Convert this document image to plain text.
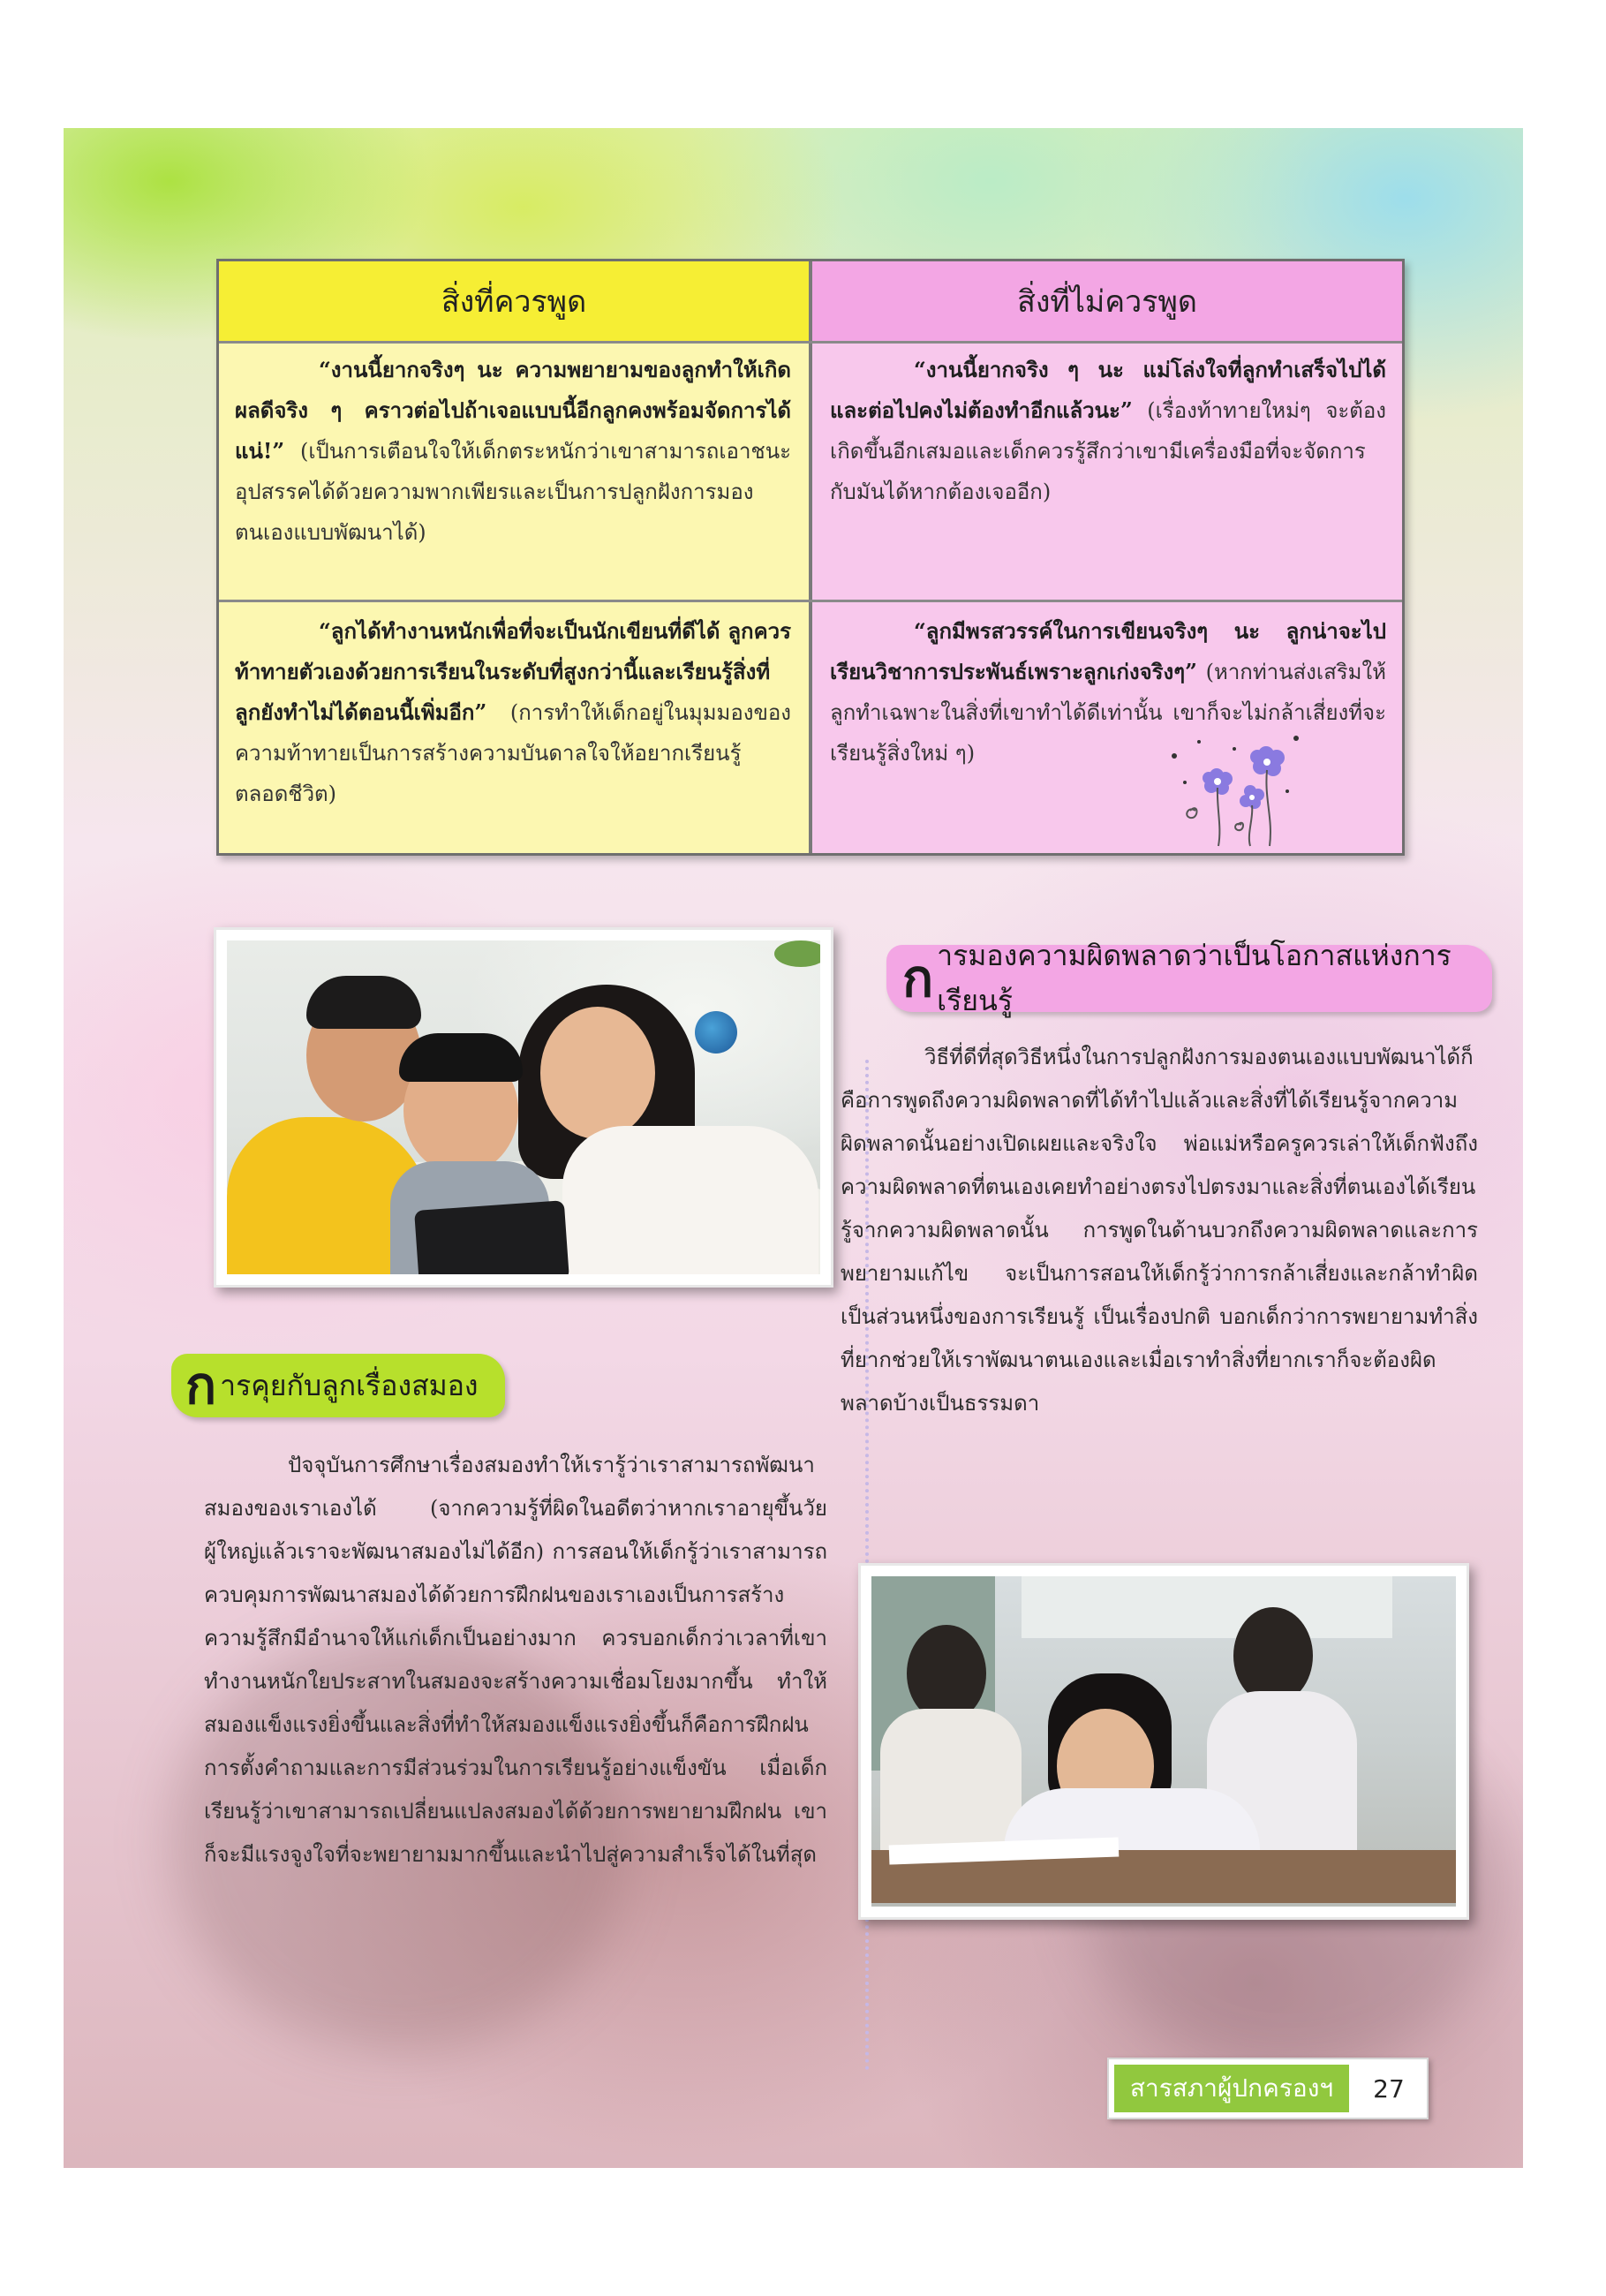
สิ่งที่ควรพูด	สิ่งที่ไม่ควรพูด
“งานนี้ยากจริงๆ นะ ความพยายามของลูกทำให้เกิดผลดีจริง ๆ คราวต่อไปถ้าเจอแบบนี้อีกลูกคงพร้อมจัดการได้แน่!” (เป็นการเตือนใจให้เด็กตระหนักว่าเขาสามารถเอาชนะอุปสรรคได้ด้วยความพากเพียรและเป็นการปลูกฝังการมองตนเองแบบพัฒนาได้)
“งานนี้ยากจริง ๆ นะ แม่โล่งใจที่ลูกทำเสร็จไปได้และต่อไปคงไม่ต้องทำอีกแล้วนะ” (เรื่องท้าทายใหม่ๆ จะต้องเกิดขึ้นอีกเสมอและเด็กควรรู้สึกว่าเขามีเครื่องมือที่จะจัดการกับมันได้หากต้องเจออีก)
“ลูกได้ทำงานหนักเพื่อที่จะเป็นนักเขียนที่ดีได้ ลูกควรท้าทายตัวเองด้วยการเรียนในระดับที่สูงกว่านี้และเรียนรู้สิ่งที่ลูกยังทำไม่ได้ตอนนี้เพิ่มอีก” (การทำให้เด็กอยู่ในมุมมองของความท้าทายเป็นการสร้างความบันดาลใจให้อยากเรียนรู้ตลอดชีวิต)
“ลูกมีพรสวรรค์ในการเขียนจริงๆ นะ ลูกน่าจะไปเรียนวิชาการประพันธ์เพราะลูกเก่งจริงๆ” (หากท่านส่งเสริมให้ลูกทำเฉพาะในสิ่งที่เขาทำได้ดีเท่านั้น เขาก็จะไม่กล้าเสี่ยงที่จะเรียนรู้สิ่งใหม่ ๆ)
ก ารมองความผิดพลาดว่าเป็นโอกาสแห่งการเรียนรู้
วิธีที่ดีที่สุดวิธีหนึ่งในการปลูกฝังการมองตนเองแบบพัฒนาได้ก็คือการพูดถึงความผิดพลาดที่ได้ทำไปแล้วและสิ่งที่ได้เรียนรู้จากความผิดพลาดนั้นอย่างเปิดเผยและจริงใจ พ่อแม่หรือครูควรเล่าให้เด็กฟังถึงความผิดพลาดที่ตนเองเคยทำอย่างตรงไปตรงมาและสิ่งที่ตนเองได้เรียนรู้จากความผิดพลาดนั้น การพูดในด้านบวกถึงความผิดพลาดและการพยายามแก้ไข จะเป็นการสอนให้เด็กรู้ว่าการกล้าเสี่ยงและกล้าทำผิดเป็นส่วนหนึ่งของการเรียนรู้ เป็นเรื่องปกติ บอกเด็กว่าการพยายามทำสิ่งที่ยากช่วยให้เราพัฒนาตนเองและเมื่อเราทำสิ่งที่ยากเราก็จะต้องผิดพลาดบ้างเป็นธรรมดา
ก ารคุยกับลูกเรื่องสมอง
ปัจจุบันการศึกษาเรื่องสมองทำให้เรารู้ว่าเราสามารถพัฒนาสมองของเราเองได้ (จากความรู้ที่ผิดในอดีตว่าหากเราอายุขึ้นวัยผู้ใหญ่แล้วเราจะพัฒนาสมองไม่ได้อีก) การสอนให้เด็กรู้ว่าเราสามารถควบคุมการพัฒนาสมองได้ด้วยการฝึกฝนของเราเองเป็นการสร้างความรู้สึกมีอำนาจให้แก่เด็กเป็นอย่างมาก ควรบอกเด็กว่าเวลาที่เขาทำงานหนักใยประสาทในสมองจะสร้างความเชื่อมโยงมากขึ้น ทำให้สมองแข็งแรงยิ่งขึ้นและสิ่งที่ทำให้สมองแข็งแรงยิ่งขึ้นก็คือการฝึกฝน การตั้งคำถามและการมีส่วนร่วมในการเรียนรู้อย่างแข็งขัน เมื่อเด็กเรียนรู้ว่าเขาสามารถเปลี่ยนแปลงสมองได้ด้วยการพยายามฝึกฝน เขาก็จะมีแรงจูงใจที่จะพยายามมากขึ้นและนำไปสู่ความสำเร็จได้ในที่สุด
สารสภาผู้ปกครองฯ	27
